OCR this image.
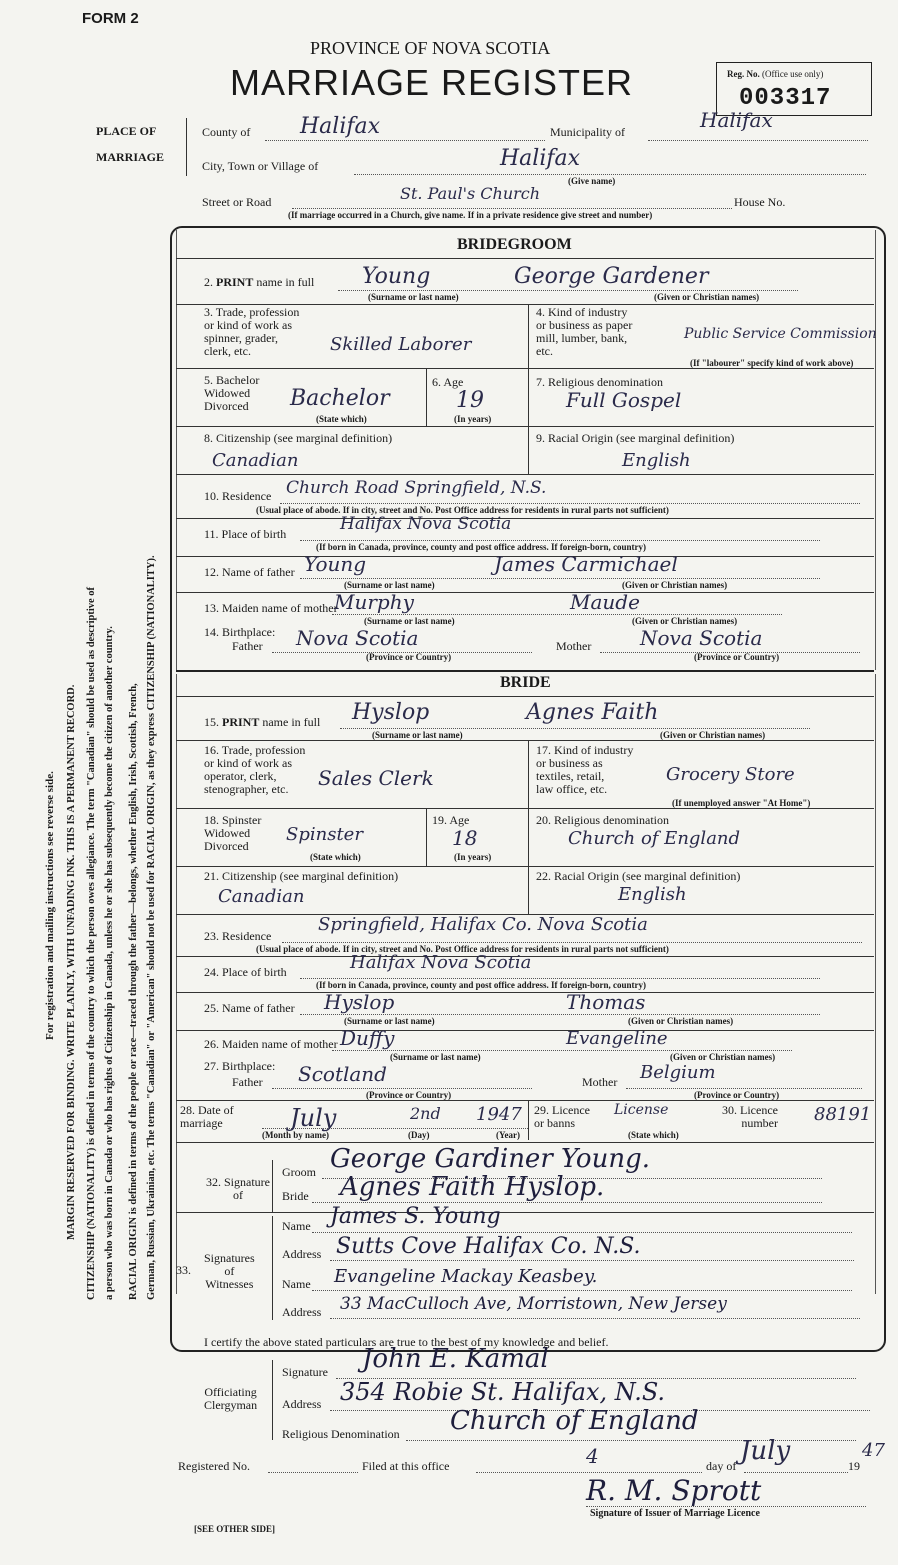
FORM 2
PROVINCE OF NOVA SCOTIA
MARRIAGE REGISTER	Reg. No. (Office use only)
003317
For registration and mailing instructions see reverse side. MARGIN RESERVED FOR BINDING. WRITE PLAINLY, WITH UNFADING INK. THIS IS A PERMANENT RECORD. CITIZENSHIP (NATIONALITY) is defined in terms of the country to which the person owes allegiance. The term "Canadian" should be used as descriptive of a person who was born in Canada or who has rights of Citizenship in Canada, unless he or she has subsequently become the citizen of another country. RACIAL ORIGIN is defined in terms of the people or race—traced through the father—belongs, whether English, Irish, Scottish, French, German, Russian, Ukrainian, etc. The terms "Canadian" or "American" should not be used for RACIAL ORIGIN, as they express CITIZENSHIP (NATIONALITY).
PLACE OF
MARRIAGE
County of Halifax	Municipality of	Halifax
City, Town or Village of	Halifax
(Give name)
Street or Road	St. Paul's Church	House No.
(If marriage occurred in a Church, give name. If in a private residence give street and number)
BRIDEGROOM
2. PRINT name in full Young	George Gardener
(Surname or last name)	(Given or Christian names)
3. Trade, profession
or kind of work as
spinner, grader,
clerk, etc.	Skilled Laborer
4. Kind of industry
or business as paper
mill, lumber, bank,
etc.
Public Service Commission
(If "labourer" specify kind of work above)
5. Bachelor
Widowed
Divorced	Bachelor
(State which)
6. Age
19
(In years)
7. Religious denomination
Full Gospel
8. Citizenship (see marginal definition)
Canadian
9. Racial Origin (see marginal definition)
English
10. Residence Church Road Springfield, N.S.
(Usual place of abode. If in city, street and No. Post Office address for residents in rural parts not sufficient)
11. Place of birth	Halifax Nova Scotia
(If born in Canada, province, county and post office address. If foreign-born, country)
12. Name of father Young	James Carmichael
(Surname or last name)	(Given or Christian names)
13. Maiden name of mother
Murphy	Maude
(Surname or last name)	(Given or Christian names)
14. Birthplace:
Father Nova Scotia
(Province or Country)
Mother Nova Scotia
(Province or Country)
BRIDE
15. PRINT name in full Hyslop	Agnes Faith
(Surname or last name)	(Given or Christian names)
16. Trade, profession
or kind of work as
operator, clerk,
stenographer, etc.	Sales Clerk
17. Kind of industry
or business as
textiles, retail,
law office, etc.
Grocery Store
(If unemployed answer "At Home")
18. Spinster
Widowed
Divorced
Spinster
(State which)
19. Age
18
(In years)
20. Religious denomination
Church of England
21. Citizenship (see marginal definition)
Canadian
22. Racial Origin (see marginal definition)
English
23. Residence
Springfield, Halifax Co. Nova Scotia
(Usual place of abode. If in city, street and No. Post Office address for residents in rural parts not sufficient)
24. Place of birth	Halifax Nova Scotia
(If born in Canada, province, county and post office address. If foreign-born, country)
25. Name of father Hyslop	Thomas
(Surname or last name)	(Given or Christian names)
26. Maiden name of mother Duffy	Evangeline
(Surname or last name)	(Given or Christian names)
27. Birthplace:
Father Scotland
(Province or Country)
Mother Belgium
(Province or Country)
28. Date of
marriage	July	2nd 1947
(Month by name)	(Day)	(Year)
29. Licence
or banns
License
(State which)
30. Licence
number 88191
32. Signature
of
Groom George Gardiner Young.
Bride Agnes Faith Hyslop.
33.
Signatures
of
Witnesses
Name James S. Young
Address Sutts Cove Halifax Co. N.S.
Name Evangeline Mackay Keasbey.
Address 33 MacCulloch Ave, Morristown, New Jersey
I certify the above stated particulars are true to the best of my knowledge and belief.
Officiating
Clergyman
Signature John E. Kamal
Address 354 Robie St. Halifax, N.S.
Religious Denomination Church of England
Registered No.	Filed at this office	4	day of July	19
47
R. M. Sprott
Signature of Issuer of Marriage Licence
[SEE OTHER SIDE]
